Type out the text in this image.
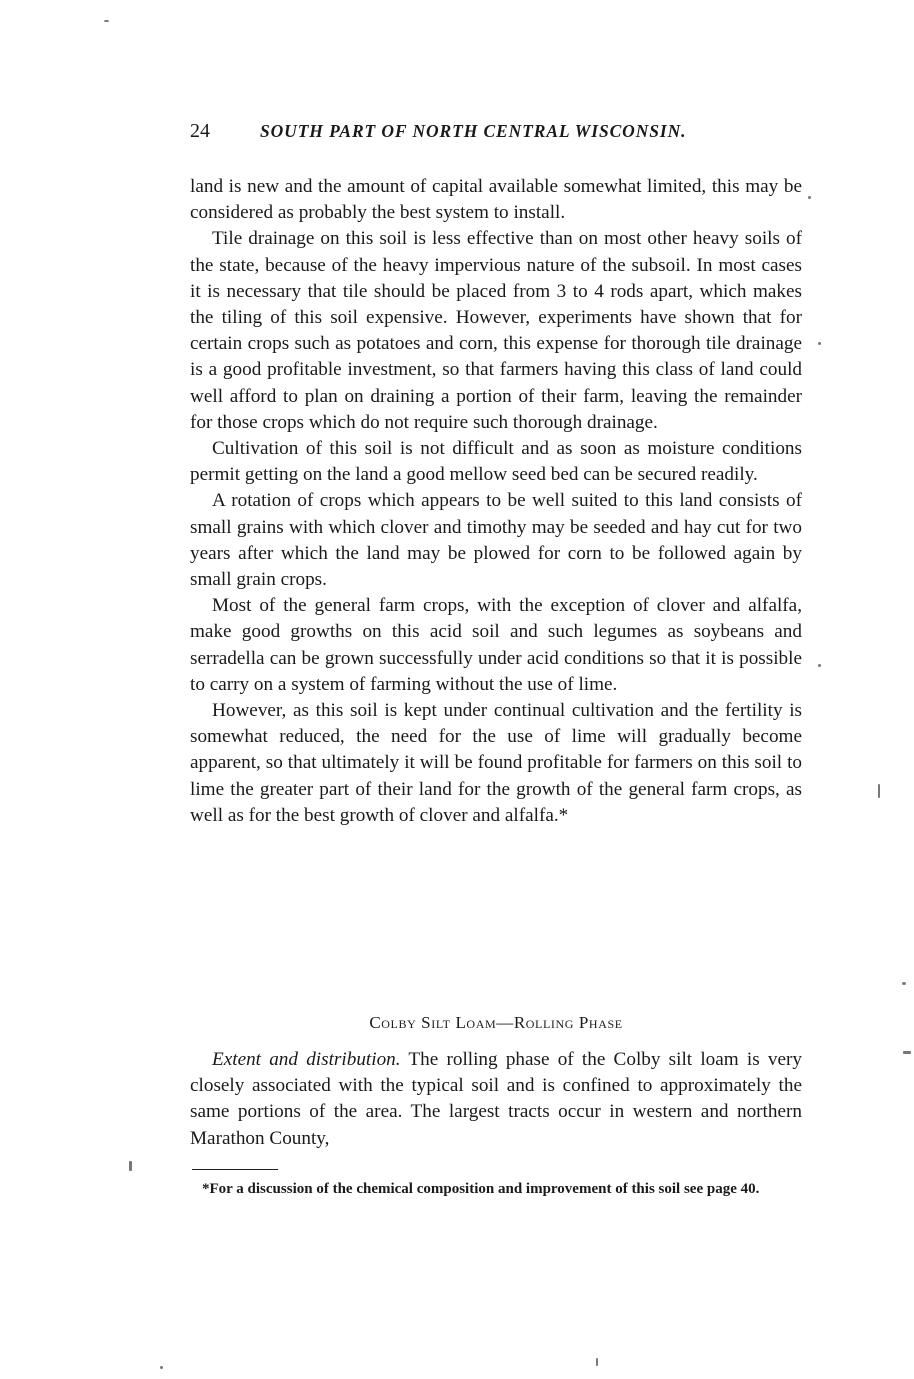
24	SOUTH PART OF NORTH CENTRAL WISCONSIN.

land is new and the amount of capital available somewhat limited, this may be considered as probably the best system to install.

Tile drainage on this soil is less effective than on most other heavy soils of the state, because of the heavy impervious nature of the subsoil. In most cases it is necessary that tile should be placed from 3 to 4 rods apart, which makes the tiling of this soil expensive. However, experiments have shown that for certain crops such as potatoes and corn, this expense for thorough tile drainage is a good profitable investment, so that farmers having this class of land could well afford to plan on draining a portion of their farm, leaving the remainder for those crops which do not require such thorough drainage.

Cultivation of this soil is not difficult and as soon as moisture conditions permit getting on the land a good mellow seed bed can be secured readily.

A rotation of crops which appears to be well suited to this land consists of small grains with which clover and timothy may be seeded and hay cut for two years after which the land may be plowed for corn to be followed again by small grain crops.

Most of the general farm crops, with the exception of clover and alfalfa, make good growths on this acid soil and such legumes as soybeans and serradella can be grown successfully under acid conditions so that it is possible to carry on a system of farming without the use of lime.

However, as this soil is kept under continual cultivation and the fertility is somewhat reduced, the need for the use of lime will gradually become apparent, so that ultimately it will be found profitable for farmers on this soil to lime the greater part of their land for the growth of the general farm crops, as well as for the best growth of clover and alfalfa.*

Colby Silt Loam—Rolling Phase

Extent and distribution. The rolling phase of the Colby silt loam is very closely associated with the typical soil and is confined to approximately the same portions of the area. The largest tracts occur in western and northern Marathon County,

*For a discussion of the chemical composition and improvement of this soil see page 40.
